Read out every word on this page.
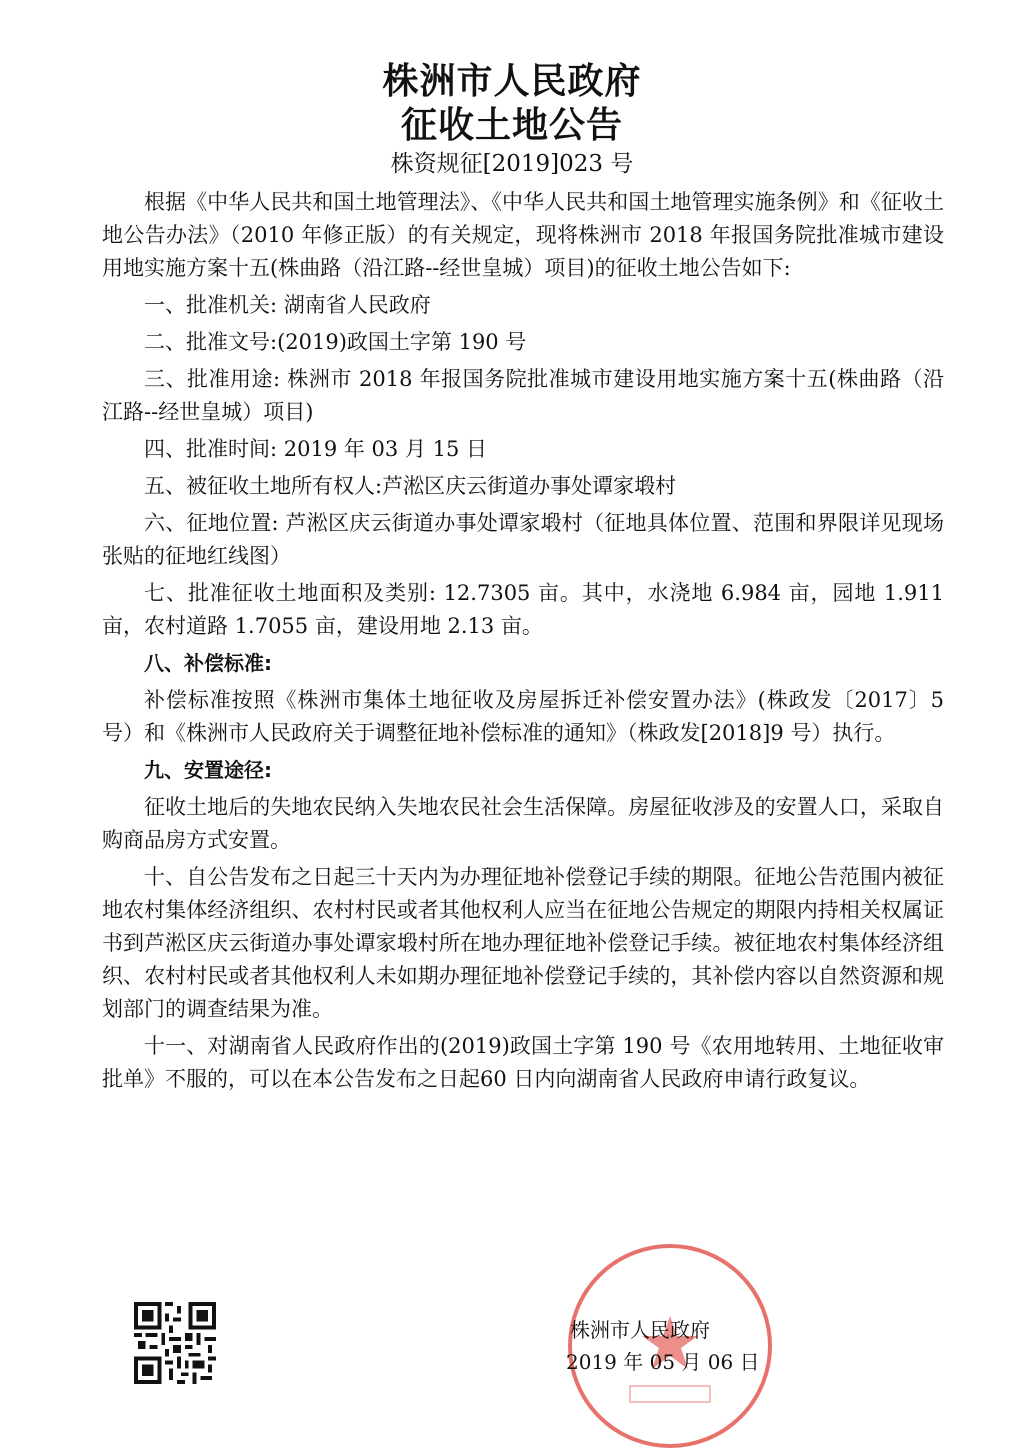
株洲市人民政府
征收土地公告
株资规征[2019]023 号

根据《中华人民共和国土地管理法》、《中华人民共和国土地管理实施条例》和《征收土地公告办法》（2010 年修正版）的有关规定，现将株洲市 2018 年报国务院批准城市建设用地实施方案十五(株曲路（沿江路--经世皇城）项目)的征收土地公告如下:

一、批准机关: 湖南省人民政府

二、批准文号:(2019)政国土字第 190 号

三、批准用途: 株洲市 2018 年报国务院批准城市建设用地实施方案十五(株曲路（沿江路--经世皇城）项目)

四、批准时间: 2019 年 03 月 15 日

五、被征收土地所有权人:芦淞区庆云街道办事处谭家塅村

六、征地位置: 芦淞区庆云街道办事处谭家塅村（征地具体位置、范围和界限详见现场张贴的征地红线图）

七、批准征收土地面积及类别: 12.7305 亩。其中，水浇地 6.984 亩，园地 1.911 亩，农村道路 1.7055 亩，建设用地 2.13 亩。

八、补偿标准:

补偿标准按照《株洲市集体土地征收及房屋拆迁补偿安置办法》(株政发〔2017〕5 号）和《株洲市人民政府关于调整征地补偿标准的通知》（株政发[2018]9 号）执行。

九、安置途径:

征收土地后的失地农民纳入失地农民社会生活保障。房屋征收涉及的安置人口，采取自购商品房方式安置。

十、自公告发布之日起三十天内为办理征地补偿登记手续的期限。征地公告范围内被征地农村集体经济组织、农村村民或者其他权利人应当在征地公告规定的期限内持相关权属证书到芦淞区庆云街道办事处谭家塅村所在地办理征地补偿登记手续。被征地农村集体经济组织、农村村民或者其他权利人未如期办理征地补偿登记手续的，其补偿内容以自然资源和规划部门的调查结果为准。

十一、对湖南省人民政府作出的(2019)政国土字第 190 号《农用地转用、土地征收审批单》不服的，可以在本公告发布之日起60 日内向湖南省人民政府申请行政复议。

株洲市人民政府
2019 年 05 月 06 日
